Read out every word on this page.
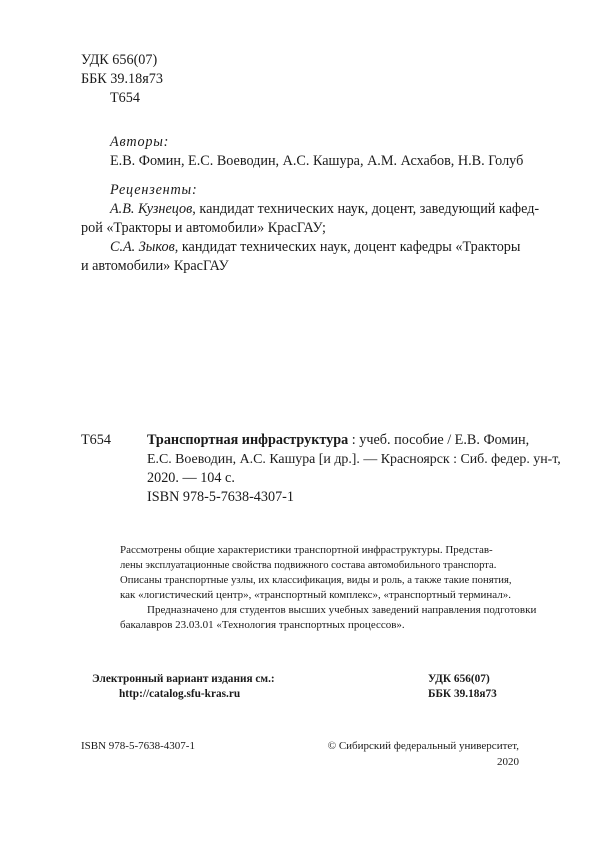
УДК 656(07)
ББК 39.18я73
Т654
Авторы:
Е.В. Фомин, Е.С. Воеводин, А.С. Кашура, А.М. Асхабов, Н.В. Голуб
Рецензенты:
А.В. Кузнецов, кандидат технических наук, доцент, заведующий кафед-
рой «Тракторы и автомобили» КрасГАУ;
С.А. Зыков, кандидат технических наук, доцент кафедры «Тракторы
и автомобили» КрасГАУ
Т654	Транспортная инфраструктура : учеб. пособие / Е.В. Фомин,
Е.С. Воеводин, А.С. Кашура [и др.]. — Красноярск : Сиб. федер. ун-т,
2020. — 104 с.
ISBN 978-5-7638-4307-1
Рассмотрены общие характеристики транспортной инфраструктуры. Представ-
лены эксплуатационные свойства подвижного состава автомобильного транспорта.
Описаны транспортные узлы, их классификация, виды и роль, а также такие понятия,
как «логистический центр», «транспортный комплекс», «транспортный терминал».
Предназначено для студентов высших учебных заведений направления подготовки
бакалавров 23.03.01 «Технология транспортных процессов».
Электронный вариант издания см.:
http://catalog.sfu-kras.ru
УДК 656(07)
ББК 39.18я73
ISBN 978-5-7638-4307-1	© Сибирский федеральный университет, 2020
